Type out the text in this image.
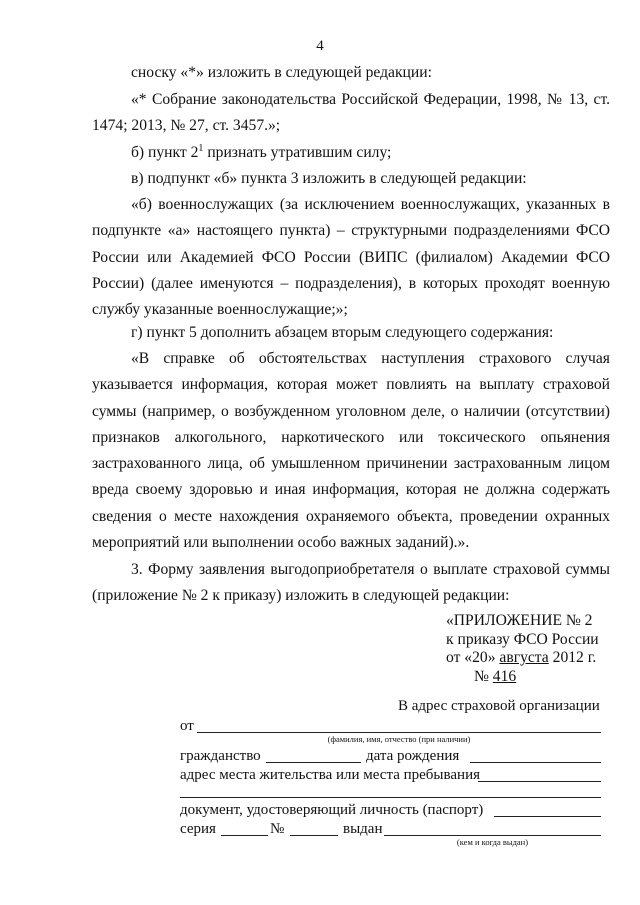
4

сноску «*» изложить в следующей редакции:

«* Собрание законодательства Российской Федерации, 1998, № 13, ст. 1474; 2013, № 27, ст. 3457.»;

б) пункт $2^1$ признать утратившим силу;

в) подпункт «б» пункта 3 изложить в следующей редакции:

«б) военнослужащих (за исключением военнослужащих, указанных в подпункте «а» настоящего пункта) – структурными подразделениями ФСО России или Академией ФСО России (ВИПС (филиалом) Академии ФСО России) (далее именуются – подразделения), в которых проходят военную службу указанные военнослужащие;»;

г) пункт 5 дополнить абзацем вторым следующего содержания:

«В справке об обстоятельствах наступления страхового случая указывается информация, которая может повлиять на выплату страховой суммы (например, о возбужденном уголовном деле, о наличии (отсутствии) признаков алкогольного, наркотического или токсического опьянения застрахованного лица, об умышленном причинении застрахованным лицом вреда своему здоровью и иная информация, которая не должна содержать сведения о месте нахождения охраняемого объекта, проведении охранных мероприятий или выполнении особо важных заданий).».

3. Форму заявления выгодоприобретателя о выплате страховой суммы (приложение № 2 к приказу) изложить в следующей редакции:

«ПРИЛОЖЕНИЕ № 2
к приказу ФСО России
от «20» августа 2012 г.
№ 416
В адрес страховой организации
от
(фамилия, имя, отчество (при наличии)
гражданство	дата рождения
адрес места жительства или места пребывания
документ, удостоверяющий личность (паспорт)
серия	№	выдан
(кем и когда выдан)
